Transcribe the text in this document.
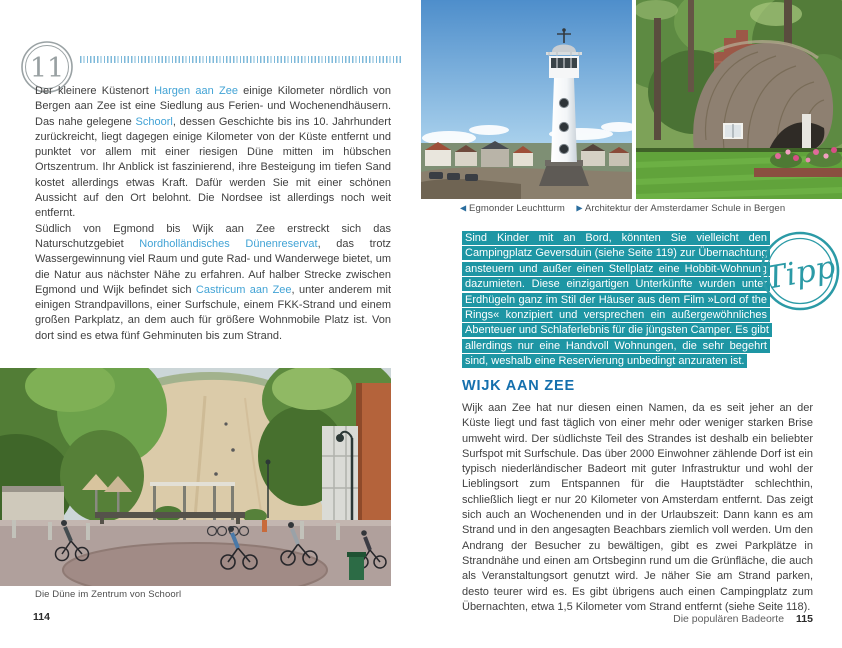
11

Der kleinere Küstenort Hargen aan Zee einige Kilometer nördlich von Bergen aan Zee ist eine Siedlung aus Ferien- und Wochenendhäusern. Das nahe gelegene Schoorl, dessen Geschichte bis ins 10. Jahrhundert zurückreicht, liegt dagegen einige Kilometer von der Küste entfernt und punktet vor allem mit einer riesigen Düne mitten im hübschen Ortszentrum. Ihr Anblick ist faszinierend, ihre Besteigung im tiefen Sand kostet allerdings etwas Kraft. Dafür werden Sie mit einer schönen Aussicht auf den Ort belohnt. Die Nordsee ist allerdings noch weit entfernt.

Südlich von Egmond bis Wijk aan Zee erstreckt sich das Naturschutzgebiet Nordholländisches Dünenreservat, das trotz Wassergewinnung viel Raum und gute Rad- und Wanderwege bietet, um die Natur aus nächster Nähe zu erfahren. Auf halber Strecke zwischen Egmond und Wijk befindet sich Castricum aan Zee, unter anderem mit einigen Strandpavillons, einer Surfschule, einem FKK-Strand und einem großen Parkplatz, an dem auch für größere Wohnmobile Platz ist. Von dort sind es etwa fünf Gehminuten bis zum Strand.

Die Düne im Zentrum von Schoorl
114
◀ Egmonder Leuchtturm ▶ Architektur der Amsterdamer Schule in Bergen
Sind Kinder mit an Bord, könnten Sie vielleicht den Campingplatz Geversduin (siehe Seite 119) zur Übernachtung ansteuern und außer einen Stellplatz eine Hobbit-Wohnung dazumieten. Diese einzigartigen Unterkünfte wurden unter Erdhügeln ganz im Stil der Häuser aus dem Film »Lord of the Rings« konzipiert und versprechen ein außergewöhnliches Abenteuer und Schlaferlebnis für die jüngsten Camper. Es gibt allerdings nur eine Handvoll Wohnungen, die sehr begehrt sind, weshalb eine Reservierung unbedingt anzuraten ist.
Tipp
WIJK AAN ZEE

Wijk aan Zee hat nur diesen einen Namen, da es seit jeher an der Küste liegt und fast täglich von einer mehr oder weniger starken Brise umweht wird. Der südlichste Teil des Strandes ist deshalb ein beliebter Surfspot mit Surfschule. Das über 2000 Einwohner zählende Dorf ist ein typisch niederländischer Badeort mit guter Infrastruktur und wohl der Lieblingsort zum Entspannen für die Hauptstädter schlechthin, schließlich liegt er nur 20 Kilometer von Amsterdam entfernt. Das zeigt sich auch an Wochenenden und in der Urlaubszeit: Dann kann es am Strand und in den angesagten Beachbars ziemlich voll werden. Um den Andrang der Besucher zu bewältigen, gibt es zwei Parkplätze in Strandnähe und einen am Ortsbeginn rund um die Grünfläche, die auch als Veranstaltungsort genutzt wird. Je näher Sie am Strand parken, desto teurer wird es. Es gibt übrigens auch einen Campingplatz zum Übernachten, etwa 1,5 Kilometer vom Strand entfernt (siehe Seite 118).

Die populären Badeorte 115
